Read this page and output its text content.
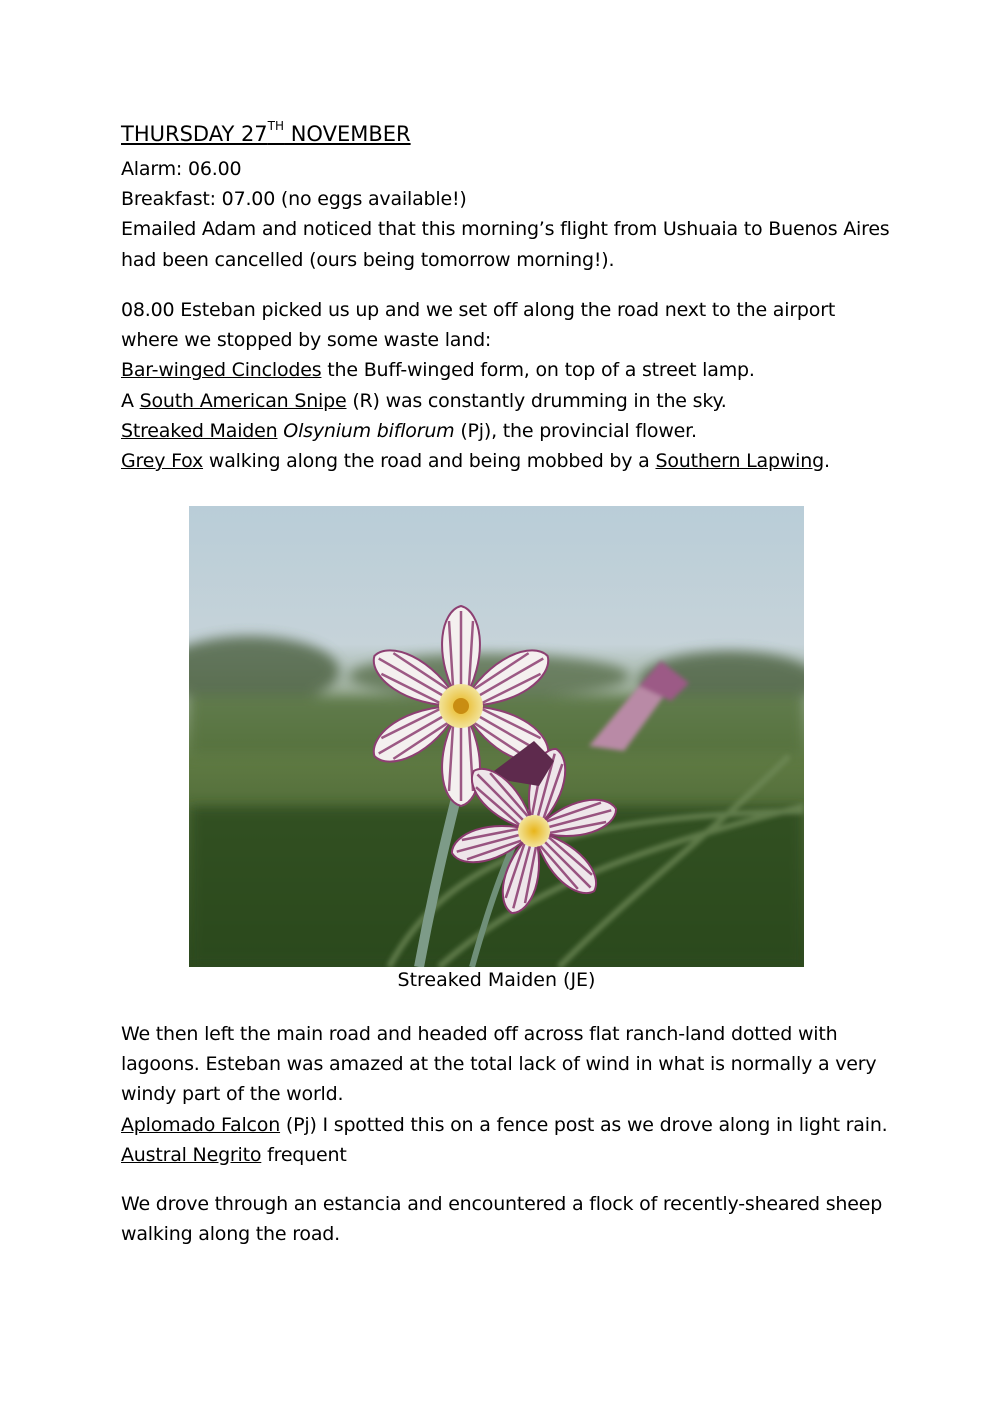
THURSDAY 27TH NOVEMBER
Alarm: 06.00
Breakfast: 07.00 (no eggs available!)
Emailed Adam and noticed that this morning’s flight from Ushuaia to Buenos Aires
had been cancelled (ours being tomorrow morning!).
08.00 Esteban picked us up and we set off along the road next to the airport
where we stopped by some waste land:
Bar-winged Cinclodes the Buff-winged form, on top of a street lamp.
A South American Snipe (R) was constantly drumming in the sky.
Streaked Maiden Olsynium biflorum (Pj), the provincial flower.
Grey Fox walking along the road and being mobbed by a Southern Lapwing.
Streaked Maiden (JE)
We then left the main road and headed off across flat ranch-land dotted with
lagoons. Esteban was amazed at the total lack of wind in what is normally a very
windy part of the world.
Aplomado Falcon (Pj) I spotted this on a fence post as we drove along in light rain.
Austral Negrito frequent
We drove through an estancia and encountered a flock of recently-sheared sheep
walking along the road.
